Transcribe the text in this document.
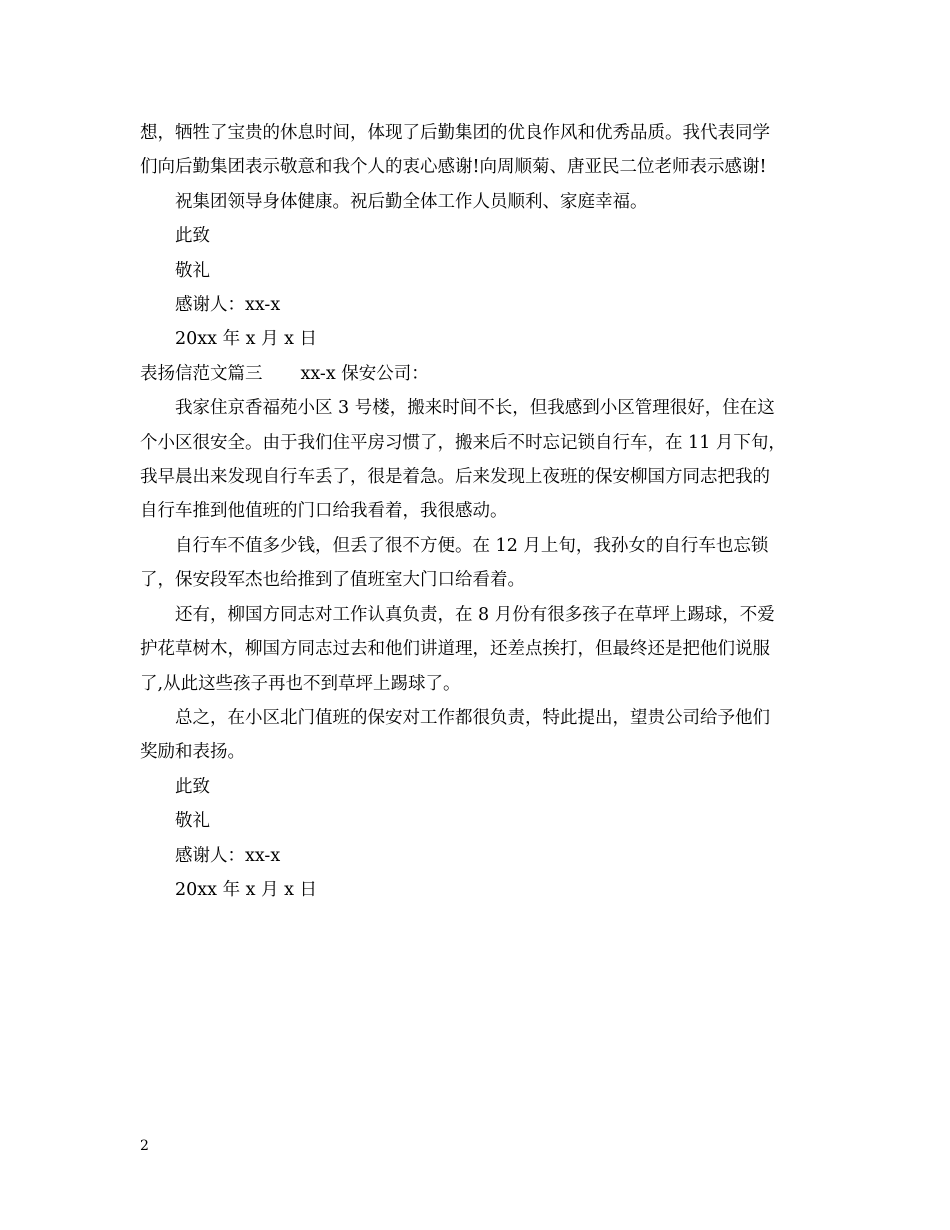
想，牺牲了宝贵的休息时间，体现了后勤集团的优良作风和优秀品质。我代表同学
们向后勤集团表示敬意和我个人的衷心感谢!向周顺菊、唐亚民二位老师表示感谢!
祝集团领导身体健康。祝后勤全体工作人员顺利、家庭幸福。
此致
敬礼
感谢人：xx-x
20xx 年 x 月 x 日
表扬信范文篇三 xx-x 保安公司：
我家住京香福苑小区 3 号楼，搬来时间不长，但我感到小区管理很好，住在这
个小区很安全。由于我们住平房习惯了，搬来后不时忘记锁自行车，在 11 月下旬，
我早晨出来发现自行车丢了，很是着急。后来发现上夜班的保安柳国方同志把我的
自行车推到他值班的门口给我看着，我很感动。
自行车不值多少钱，但丢了很不方便。在 12 月上旬，我孙女的自行车也忘锁
了，保安段军杰也给推到了值班室大门口给看着。
还有，柳国方同志对工作认真负责，在 8 月份有很多孩子在草坪上踢球，不爱
护花草树木，柳国方同志过去和他们讲道理，还差点挨打，但最终还是把他们说服
了,从此这些孩子再也不到草坪上踢球了。
总之，在小区北门值班的保安对工作都很负责，特此提出，望贵公司给予他们
奖励和表扬。
此致
敬礼
感谢人：xx-x
20xx 年 x 月 x 日
2
